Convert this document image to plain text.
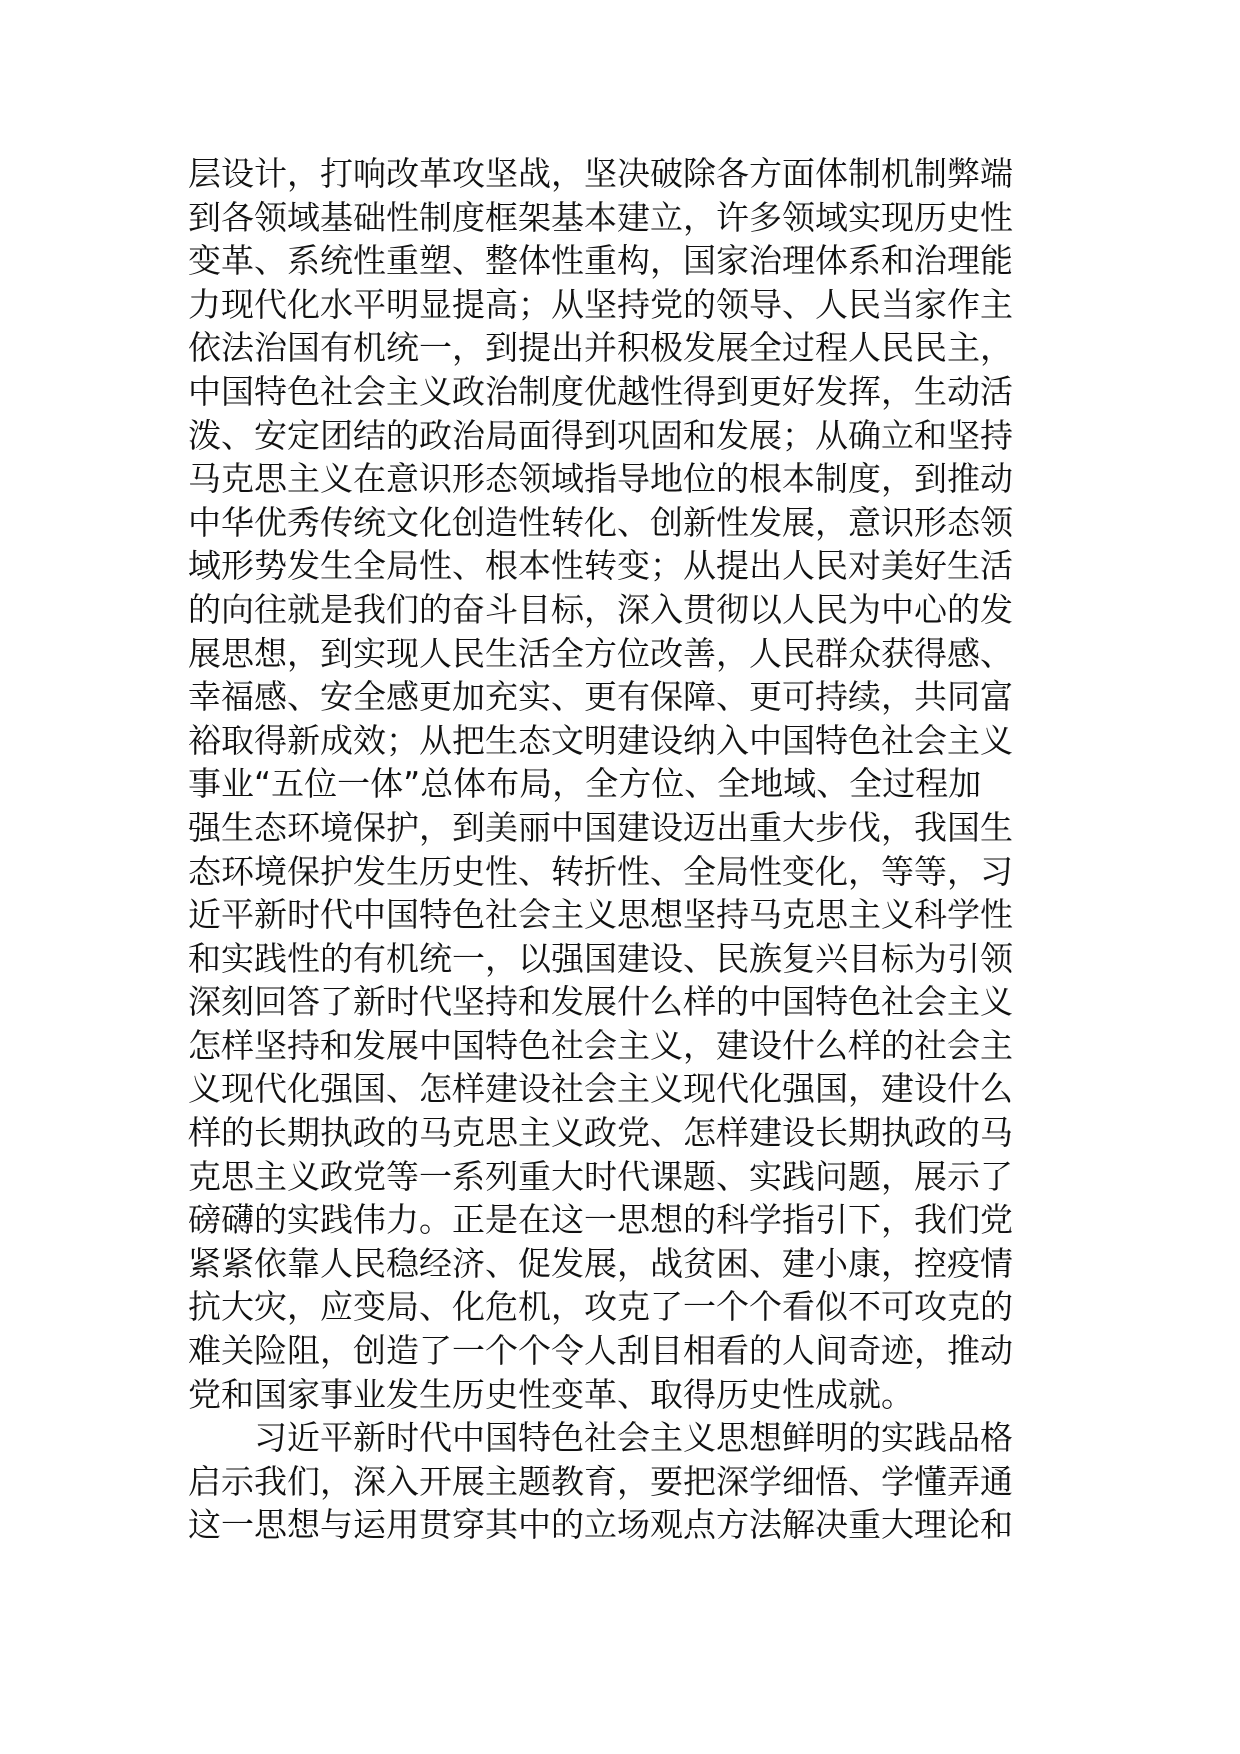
层设计，打响改革攻坚战，坚决破除各方面体制机制弊端
到各领域基础性制度框架基本建立，许多领域实现历史性
变革、系统性重塑、整体性重构，国家治理体系和治理能
力现代化水平明显提高；从坚持党的领导、人民当家作主
依法治国有机统一，到提出并积极发展全过程人民民主，
中国特色社会主义政治制度优越性得到更好发挥，生动活
泼、安定团结的政治局面得到巩固和发展；从确立和坚持
马克思主义在意识形态领域指导地位的根本制度，到推动
中华优秀传统文化创造性转化、创新性发展，意识形态领
域形势发生全局性、根本性转变；从提出人民对美好生活
的向往就是我们的奋斗目标，深入贯彻以人民为中心的发
展思想，到实现人民生活全方位改善，人民群众获得感、
幸福感、安全感更加充实、更有保障、更可持续，共同富
裕取得新成效；从把生态文明建设纳入中国特色社会主义
事业“五位一体”总体布局，全方位、全地域、全过程加
强生态环境保护，到美丽中国建设迈出重大步伐，我国生
态环境保护发生历史性、转折性、全局性变化，等等，习
近平新时代中国特色社会主义思想坚持马克思主义科学性
和实践性的有机统一，以强国建设、民族复兴目标为引领
深刻回答了新时代坚持和发展什么样的中国特色社会主义
怎样坚持和发展中国特色社会主义，建设什么样的社会主
义现代化强国、怎样建设社会主义现代化强国，建设什么
样的长期执政的马克思主义政党、怎样建设长期执政的马
克思主义政党等一系列重大时代课题、实践问题，展示了
磅礴的实践伟力。正是在这一思想的科学指引下，我们党
紧紧依靠人民稳经济、促发展，战贫困、建小康，控疫情
抗大灾，应变局、化危机，攻克了一个个看似不可攻克的
难关险阻，创造了一个个令人刮目相看的人间奇迹，推动
党和国家事业发生历史性变革、取得历史性成就。
　　习近平新时代中国特色社会主义思想鲜明的实践品格
启示我们，深入开展主题教育，要把深学细悟、学懂弄通
这一思想与运用贯穿其中的立场观点方法解决重大理论和
